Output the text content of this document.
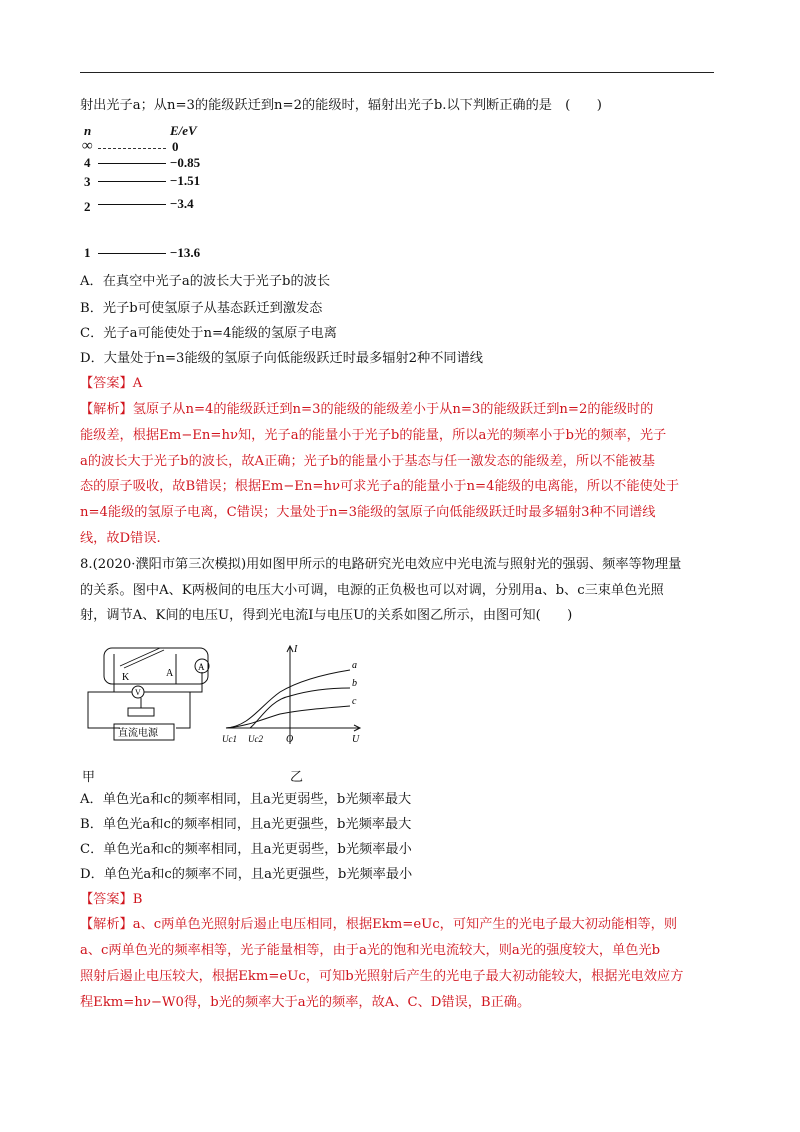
射出光子a；从n=3的能级跃迁到n=2的能级时，辐射出光子b.以下判断正确的是　(　　)
n	E/eV
∞	0
4	−0.85
3	−1.51
2	−3.4
1	−13.6
A．在真空中光子a的波长大于光子b的波长
B．光子b可使氢原子从基态跃迁到激发态
C．光子a可能使处于n=4能级的氢原子电离
D．大量处于n=3能级的氢原子向低能级跃迁时最多辐射2种不同谱线
【答案】A
【解析】氢原子从n=4的能级跃迁到n=3的能级的能级差小于从n=3的能级跃迁到n=2的能级时的
能级差，根据Em−En=hν知，光子a的能量小于光子b的能量，所以a光的频率小于b光的频率，光子
a的波长大于光子b的波长，故A正确；光子b的能量小于基态与任一激发态的能级差，所以不能被基
态的原子吸收，故B错误；根据Em−En=hν可求光子a的能量小于n=4能级的电离能，所以不能使处于
n=4能级的氢原子电离，C错误；大量处于n=3能级的氢原子向低能级跃迁时最多辐射3种不同谱线
线，故D错误.
8.(2020·濮阳市第三次模拟)用如图甲所示的电路研究光电效应中光电流与照射光的强弱、频率等物理量
的关系。图中A、K两极间的电压大小可调，电源的正负极也可以对调，分别用a、b、c三束单色光照
射，调节A、K间的电压U，得到光电流I与电压U的关系如图乙所示，由图可知(　　)
K	A
A
V
直流电源
甲
I
U
O
Uc1 Uc2
a
b
c
乙
A．单色光a和c的频率相同，且a光更弱些，b光频率最大
B．单色光a和c的频率相同，且a光更强些，b光频率最大
C．单色光a和c的频率相同，且a光更弱些，b光频率最小
D．单色光a和c的频率不同，且a光更强些，b光频率最小
【答案】B
【解析】a、c两单色光照射后遏止电压相同，根据Ekm=eUc，可知产生的光电子最大初动能相等，则
a、c两单色光的频率相等，光子能量相等，由于a光的饱和光电流较大，则a光的强度较大，单色光b
照射后遏止电压较大，根据Ekm=eUc，可知b光照射后产生的光电子最大初动能较大，根据光电效应方
程Ekm=hν−W0得，b光的频率大于a光的频率，故A、C、D错误，B正确。
